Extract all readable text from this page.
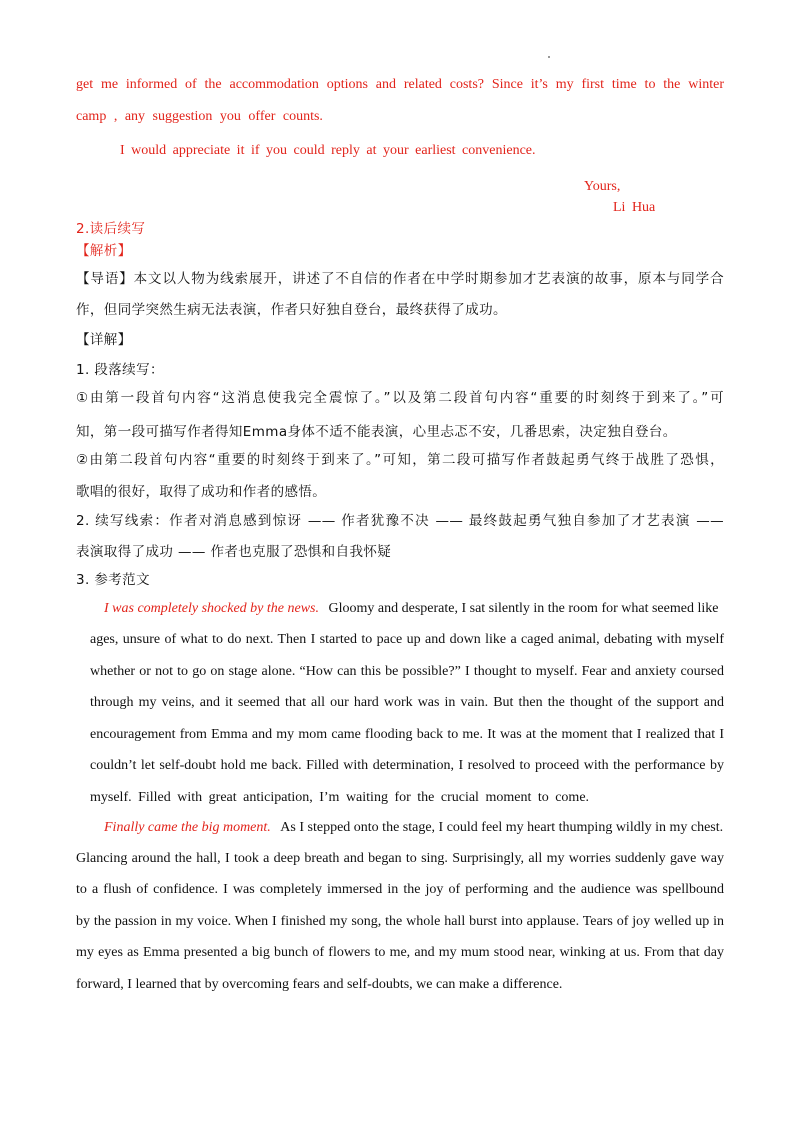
get me informed of the accommodation options and related costs? Since it’s my first time to the winter
camp , any suggestion you offer counts.
I would appreciate it if you could reply at your earliest convenience.
Yours,
Li Hua
2.读后续写
【解析】
【导语】本文以人物为线索展开，讲述了不自信的作者在中学时期参加才艺表演的故事，原本与同学合
作，但同学突然生病无法表演，作者只好独自登台，最终获得了成功。
【详解】
1. 段落续写：
①由第一段首句内容“这消息使我完全震惊了。”以及第二段首句内容“重要的时刻终于到来了。”可
知，第一段可描写作者得知Emma身体不适不能表演，心里忐忑不安，几番思索，决定独自登台。
②由第二段首句内容“重要的时刻终于到来了。”可知，第二段可描写作者鼓起勇气终于战胜了恐惧，
歌唱的很好，取得了成功和作者的感悟。
2. 续写线索：作者对消息感到惊讶 —— 作者犹豫不决 —— 最终鼓起勇气独自参加了才艺表演 ——
表演取得了成功 —— 作者也克服了恐惧和自我怀疑
3. 参考范文
I was completely shocked by the news. Gloomy and desperate, I sat silently in the room for what seemed like
ages, unsure of what to do next. Then I started to pace up and down like a caged animal, debating with myself
whether or not to go on stage alone. “How can this be possible?” I thought to myself. Fear and anxiety coursed
through my veins, and it seemed that all our hard work was in vain. But then the thought of the support and
encouragement from Emma and my mom came flooding back to me. It was at the moment that I realized that I
couldn’t let self-doubt hold me back. Filled with determination, I resolved to proceed with the performance by
myself. Filled with great anticipation, I’m waiting for the crucial moment to come.
Finally came the big moment. As I stepped onto the stage, I could feel my heart thumping wildly in my chest.
Glancing around the hall, I took a deep breath and began to sing. Surprisingly, all my worries suddenly gave way
to a flush of confidence. I was completely immersed in the joy of performing and the audience was spellbound
by the passion in my voice. When I finished my song, the whole hall burst into applause. Tears of joy welled up in
my eyes as Emma presented a big bunch of flowers to me, and my mum stood near, winking at us. From that day
forward, I learned that by overcoming fears and self-doubts, we can make a difference.
